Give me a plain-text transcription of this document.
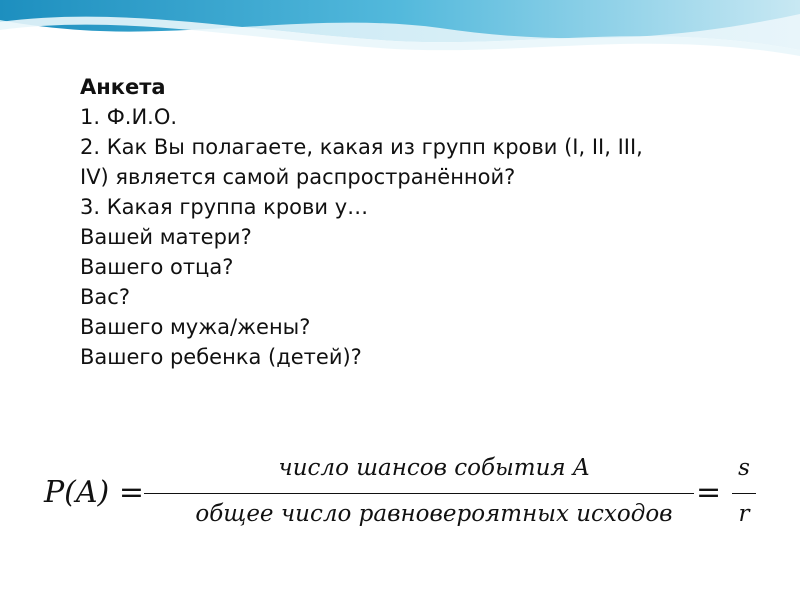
Анкета

1. Ф.И.О.

2. Как Вы полагаете, какая из групп крови (I, II, III,

IV) является самой распространённой?

3. Какая группа крови у…

Вашей матери?

Вашего отца?

Вас?

Вашего мужа/жены?

Вашего ребенка (детей)?

P(A) =
число шансов события A
общее число равновероятных исходов
=
s
r
